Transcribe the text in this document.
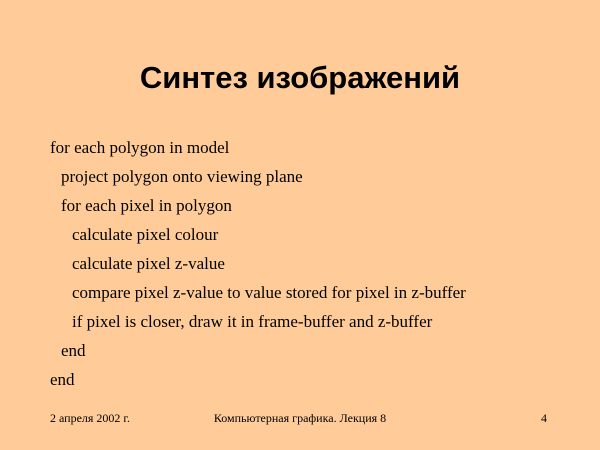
Синтез изображений
for each polygon in model
project polygon onto viewing plane
for each pixel in polygon
calculate pixel colour
calculate pixel z-value
compare pixel z-value to value stored for pixel in z-buffer
if pixel is closer, draw it in frame-buffer and z-buffer
end
end
2 апреля 2002 г.	Компьютерная графика. Лекция 8	4
